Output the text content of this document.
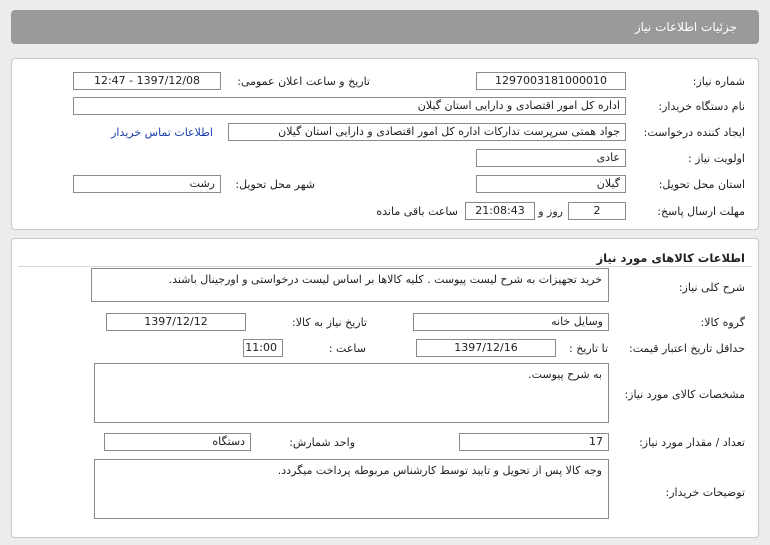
جزئیات اطلاعات نیاز
شماره نیاز:
1297003181000010
تاریخ و ساعت اعلان عمومی:
1397/12/08 - 12:47
نام دستگاه خریدار:
اداره کل امور اقتصادی و دارایی استان گیلان
ایجاد کننده درخواست:
جواد همتی سرپرست تدارکات اداره کل امور اقتصادی و دارایی استان گیلان
اطلاعات تماس خریدار
اولویت نیاز :
عادی
استان محل تحویل:
گیلان
شهر محل تحویل:
رشت
مهلت ارسال پاسخ:
2
روز و
21:08:43
ساعت باقی مانده
اطلاعات کالاهای مورد نیاز
شرح کلی نیاز:
خرید تجهیزات به شرح لیست پیوست . کلیه کالاها بر اساس لیست درخواستی و اورجینال باشند.
گروه کالا:
وسایل خانه
تاریخ نیاز به کالا:
1397/12/12
حداقل تاریخ اعتبار قیمت:
تا تاریخ :
1397/12/16
ساعت :
11:00
مشخصات کالای مورد نیاز:
به شرح پیوست.
تعداد / مقدار مورد نیاز:
17
واحد شمارش:
دستگاه
توضیحات خریدار:
وجه کالا پس از تحویل و تایید توسط کارشناس مربوطه پرداخت میگردد.
